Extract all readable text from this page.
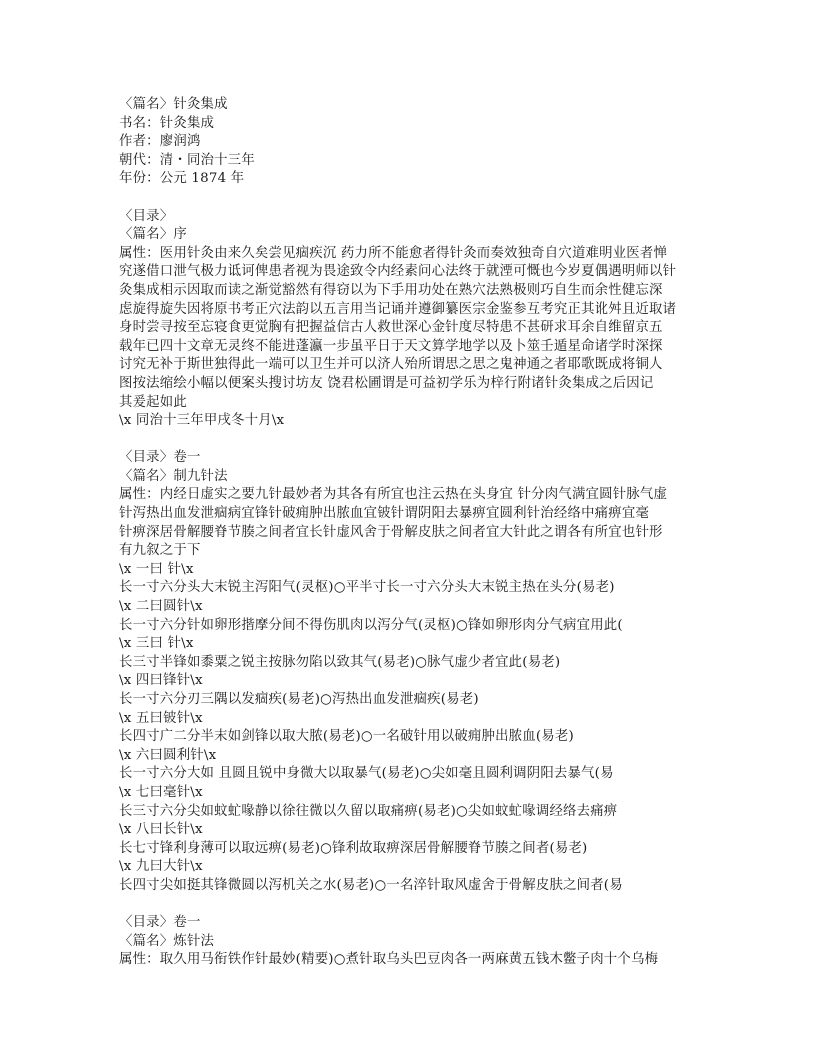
〈篇名〉针灸集成
书名：针灸集成
作者：廖润鸿
朝代：清・同治十三年
年份：公元 1874 年
〈目录〉
〈篇名〉序
属性：医用针灸由来久矣尝见痼疾沉 药力所不能愈者得针灸而奏效独奇自穴道难明业医者惮
究遂借口泄气极力诋诃俾患者视为畏途致令内经素问心法终于就湮可慨也今岁夏偶遇明师以针
灸集成相示因取而读之渐觉豁然有得窃以为下手用功处在熟穴法熟极则巧自生而余性健忘深
虑旋得旋失因将原书考正穴法韵以五言用当记诵并遵御纂医宗金鉴参互考究正其讹舛且近取诸
身时尝寻按至忘寝食更觉胸有把握益信古人救世深心金针度尽特患不甚研求耳余自维留京五
载年已四十文章无灵终不能进蓬瀛一步虽平日于天文算学地学以及卜筮壬遁星命诸学时深探
讨究无补于斯世独得此一端可以卫生并可以济人殆所谓思之思之鬼神通之者耶歌既成将铜人
图按法缩绘小幅以便案头搜讨坊友 饶君松圃谓是可益初学乐为梓行附诸针灸集成之后因记
其爰起如此
\x 同治十三年甲戌冬十月\x
〈目录〉卷一
〈篇名〉制九针法
属性：内经日虚实之要九针最妙者为其各有所宜也注云热在头身宜 针分肉气满宜圆针脉气虚
针泻热出血发泄痼病宜锋针破痈肿出脓血宜铍针谓阴阳去暴痹宜圆利针治经络中痛痹宜毫
针痹深居骨解腰脊节腠之间者宜长针虚风舍于骨解皮肤之间者宜大针此之谓各有所宜也针形
有九叙之于下
\x 一曰 针\x
长一寸六分头大末锐主泻阳气(灵枢)○平半寸长一寸六分头大末锐主热在头分(易老)
\x 二曰圆针\x
长一寸六分针如卵形揩摩分间不得伤肌肉以泻分气(灵枢)○锋如卵形肉分气病宜用此(
\x 三曰 针\x
长三寸半锋如黍粟之锐主按脉勿陷以致其气(易老)○脉气虚少者宜此(易老)
\x 四曰锋针\x
长一寸六分刃三隅以发痼疾(易老)○泻热出血发泄痼疾(易老)
\x 五曰铍针\x
长四寸广二分半末如剑锋以取大脓(易老)○一名破针用以破痈肿出脓血(易老)
\x 六曰圆利针\x
长一寸六分大如 且圆且锐中身微大以取暴气(易老)○尖如毫且圆利调阴阳去暴气(易
\x 七曰毫针\x
长三寸六分尖如蚊虻喙静以徐往微以久留以取痛痹(易老)○尖如蚊虻喙调经络去痛痹
\x 八曰长针\x
长七寸锋利身薄可以取远痹(易老)○锋利故取痹深居骨解腰脊节腠之间者(易老)
\x 九曰大针\x
长四寸尖如挺其锋微圆以泻机关之水(易老)○一名淬针取风虚舍于骨解皮肤之间者(易
〈目录〉卷一
〈篇名〉炼针法
属性：取久用马衔铁作针最妙(精要)○煮针取乌头巴豆肉各一两麻黄五钱木鳖子肉十个乌梅
